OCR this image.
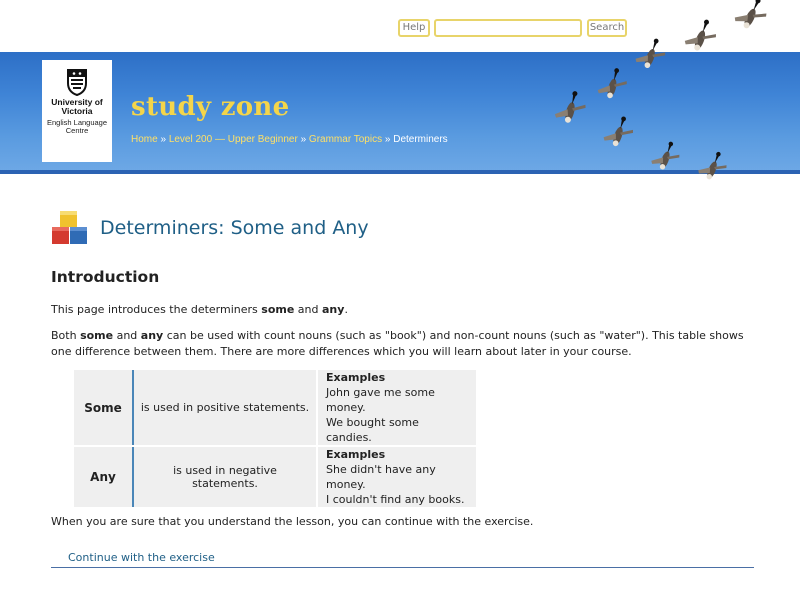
Help	Search
University of Victoria
English Language Centre
study zone
Home » Level 200 — Upper Beginner » Grammar Topics » Determiners
Determiners: Some and Any
Introduction

This page introduces the determiners some and any.

Both some and any can be used with count nouns (such as "book") and non-count nouns (such as "water"). This table shows one difference between them. There are more differences which you will learn about later in your course.

Some	is used in positive statements.	Examples
John gave me some money.
We bought some candies.
Any	is used in negative statements.	Examples
She didn't have any money.
I couldn't find any books.

When you are sure that you understand the lesson, you can continue with the exercise.

Continue with the exercise
